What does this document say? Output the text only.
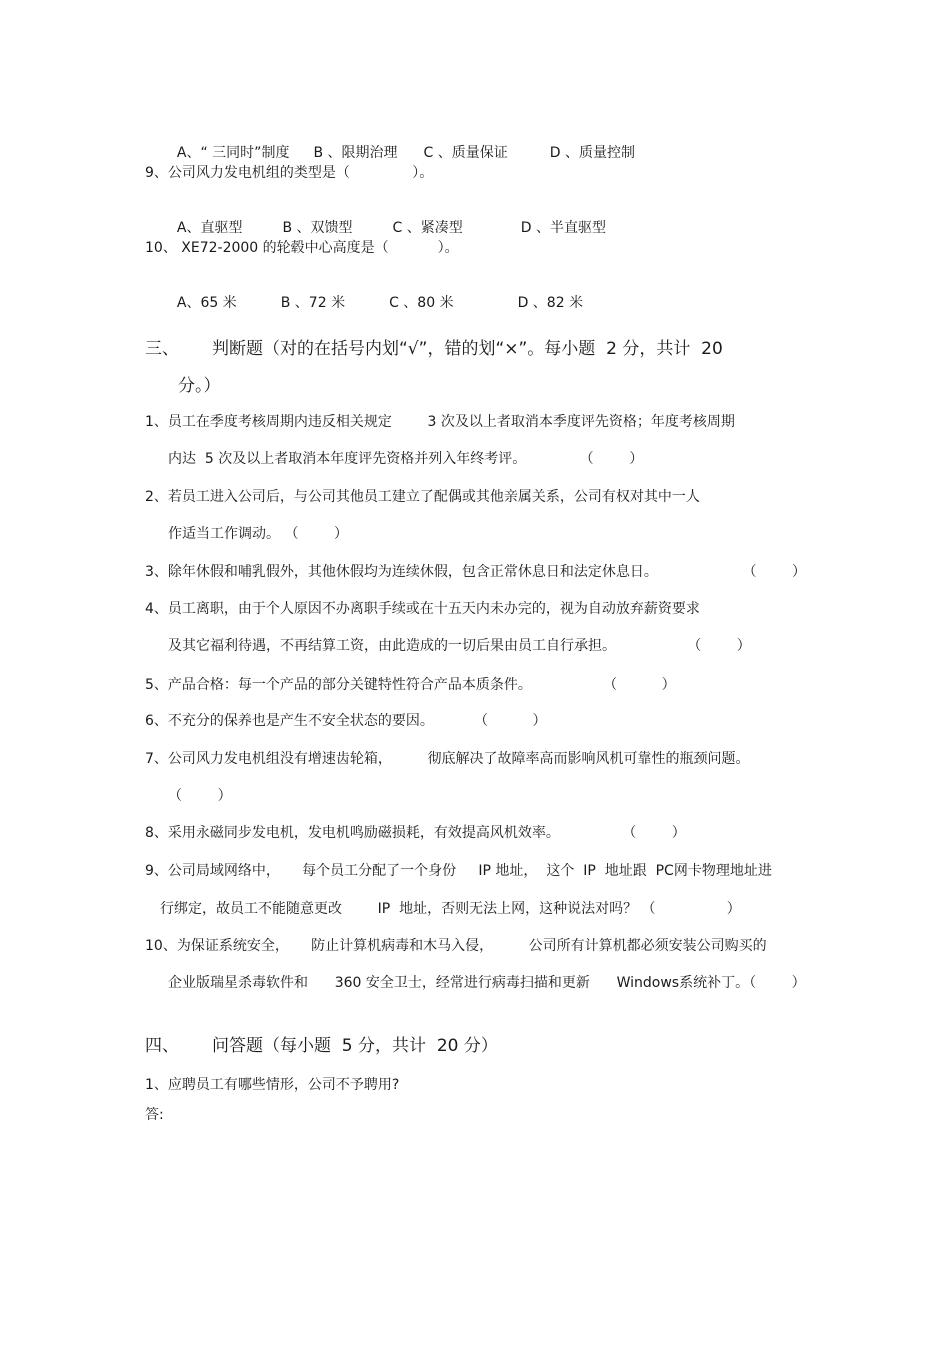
A、“ 三同时”制度 B 、限期治理 C 、质量保证	D 、质量控制

9、公司风力发电机组的类型是（              ）。

A、直驱型	B 、双馈型	C 、紧凑型	D 、半直驱型

10、 XE72-2000 的轮毂中心高度是（           ）。

A、65 米	B 、72 米	C 、80 米	D 、82 米

三、 判断题（对的在括号内划“√”，错的划“×”。每小题  2 分，共计  20
分。）
1、员工在季度考核周期内违反相关规定        3 次及以上者取消本季度评先资格；年度考核周期
内达  5 次及以上者取消本年度评先资格并列入年终考评。            （        ）
2、若员工进入公司后，与公司其他员工建立了配偶或其他亲属关系，公司有权对其中一人
作适当工作调动。 （        ）
3、除年休假和哺乳假外，其他休假均为连续休假，包含正常休息日和法定休息日。                   （        ）
4、员工离职，由于个人原因不办离职手续或在十五天内未办完的，视为自动放弃薪资要求
及其它福利待遇，不再结算工资，由此造成的一切后果由员工自行承担。                （        ）
5、产品合格：每一个产品的部分关键特性符合产品本质条件。                （          ）
6、不充分的保养也是产生不安全状态的要因。         （          ）
7、公司风力发电机组没有增速齿轮箱，        彻底解决了故障率高而影响风机可靠性的瓶颈问题。
（        ）
8、采用永磁同步发电机，发电机鸣励磁损耗，有效提高风机效率。              （        ）
9、公司局域网络中，     每个员工分配了一个身份     IP 地址，  这个  IP  地址跟  PC网卡物理地址进
行绑定，故员工不能随意更改        IP  地址，否则无法上网，这种说法对吗？ （                ）
10、为保证系统安全，     防止计算机病毒和木马入侵，        公司所有计算机都必须安装公司购买的
企业版瑞星杀毒软件和      360 安全卫士，经常进行病毒扫描和更新      Windows系统补丁。（        ）
四、 问答题（每小题  5 分，共计  20 分）
1、应聘员工有哪些情形，公司不予聘用?
答:
